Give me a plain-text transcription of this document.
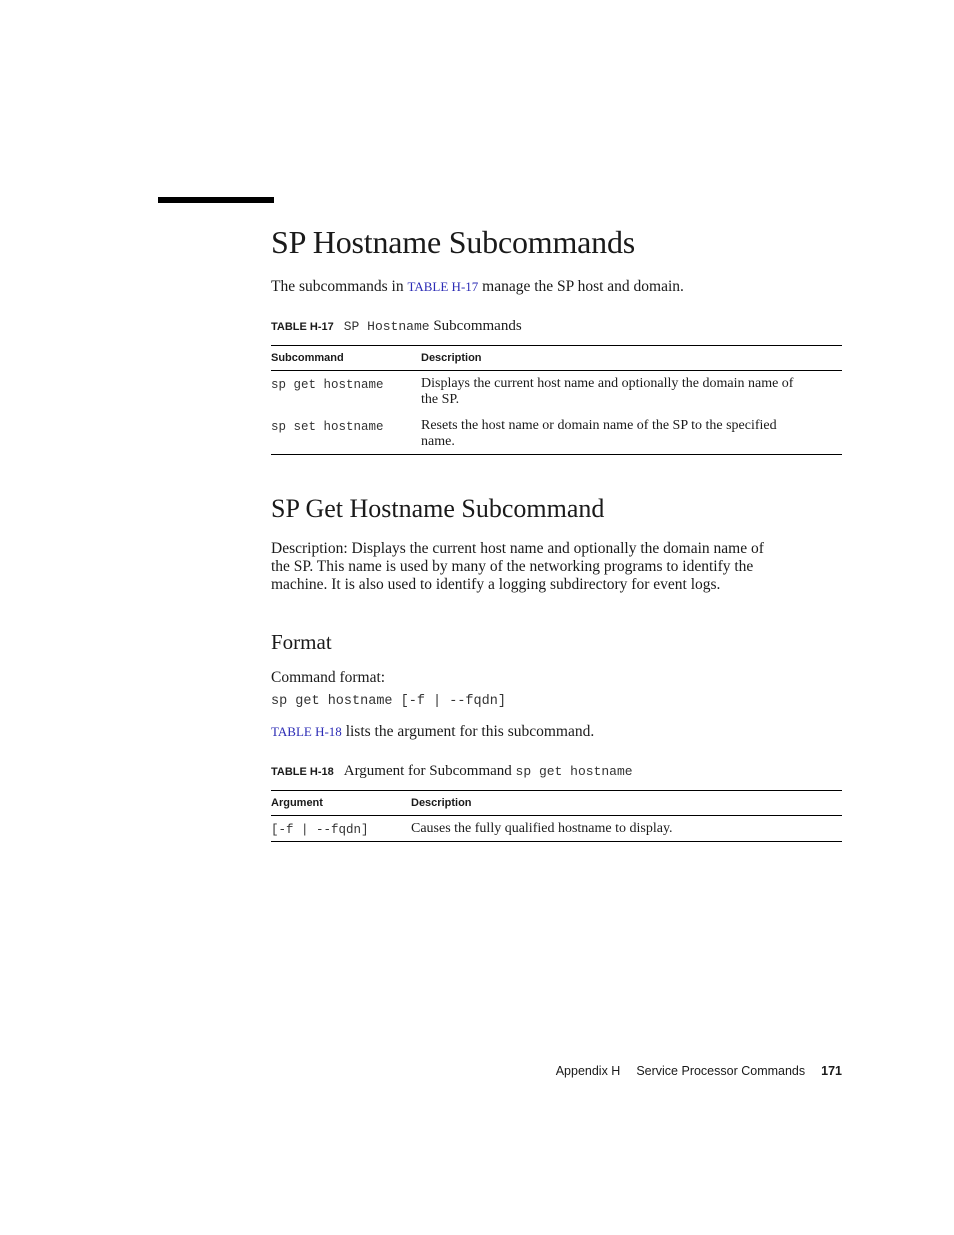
SP Hostname Subcommands

The subcommands in TABLE H-17 manage the SP host and domain.

TABLE H-17 SP Hostname Subcommands
Subcommand	Description
sp get hostname	Displays the current host name and optionally the domain name of
the SP.
sp set hostname	Resets the host name or domain name of the SP to the specified
name.
SP Get Hostname Subcommand

Description: Displays the current host name and optionally the domain name of
the SP. This name is used by many of the networking programs to identify the
machine. It is also used to identify a logging subdirectory for event logs.

Format

Command format:

sp get hostname [-f | --fqdn]

TABLE H-18 lists the argument for this subcommand.

TABLE H-18 Argument for Subcommand sp get hostname
Argument	Description
[-f | --fqdn]	Causes the fully qualified hostname to display.
Appendix H Service Processor Commands 171
